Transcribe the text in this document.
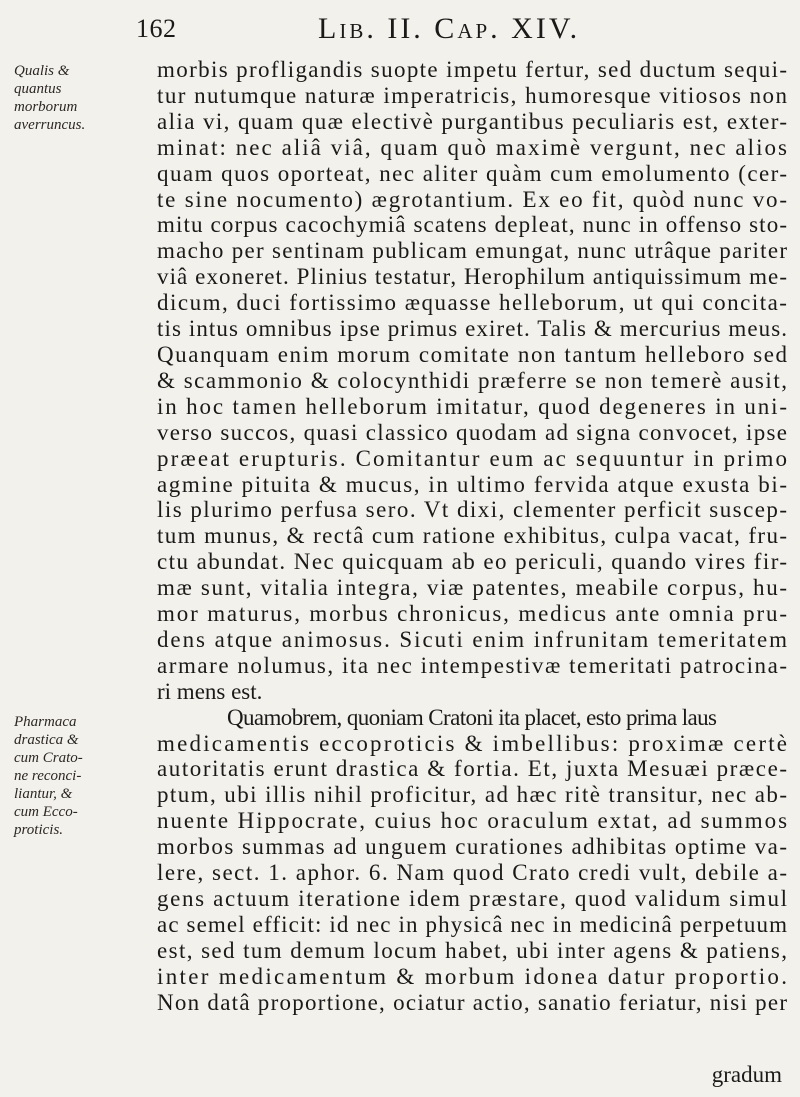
162	Lib. II. Cap. XIV.
Qualis &
quantus
morborum
averruncus.
Pharmaca
drastica &
cum Crato-
ne reconci-
liantur, &
cum Ecco-
proticis.
morbis profligandis suopte impetu fertur, sed ductum sequi-
tur nutumque naturæ imperatricis, humoresque vitiosos non
alia vi, quam quæ electivè purgantibus peculiaris est, exter-
minat: nec aliâ viâ, quam quò maximè vergunt, nec alios
quam quos oporteat, nec aliter quàm cum emolumento (cer-
te sine nocumento) ægrotantium. Ex eo fit, quòd nunc vo-
mitu corpus cacochymiâ scatens depleat, nunc in offenso sto-
macho per sentinam publicam emungat, nunc utrâque pariter
viâ exoneret. Plinius testatur, Herophilum antiquissimum me-
dicum, duci fortissimo æquasse helleborum, ut qui concita-
tis intus omnibus ipse primus exiret. Talis & mercurius meus.
Quanquam enim morum comitate non tantum helleboro sed
& scammonio & colocynthidi præferre se non temerè ausit,
in hoc tamen helleborum imitatur, quod degeneres in uni-
verso succos, quasi classico quodam ad signa convocet, ipse
præeat erupturis. Comitantur eum ac sequuntur in primo
agmine pituita & mucus, in ultimo fervida atque exusta bi-
lis plurimo perfusa sero. Vt dixi, clementer perficit suscep-
tum munus, & rectâ cum ratione exhibitus, culpa vacat, fru-
ctu abundat. Nec quicquam ab eo periculi, quando vires fir-
mæ sunt, vitalia integra, viæ patentes, meabile corpus, hu-
mor maturus, morbus chronicus, medicus ante omnia pru-
dens atque animosus. Sicuti enim infrunitam temeritatem
armare nolumus, ita nec intempestivæ temeritati patrocina-
ri mens est.
Quamobrem, quoniam Cratoni ita placet, esto prima laus
medicamentis eccoproticis & imbellibus: proximæ certè
autoritatis erunt drastica & fortia. Et, juxta Mesuæi præce-
ptum, ubi illis nihil proficitur, ad hæc ritè transitur, nec ab-
nuente Hippocrate, cuius hoc oraculum extat, ad summos
morbos summas ad unguem curationes adhibitas optime va-
lere, sect. 1. aphor. 6. Nam quod Crato credi vult, debile a-
gens actuum iteratione idem præstare, quod validum simul
ac semel efficit: id nec in physicâ nec in medicinâ perpetuum
est, sed tum demum locum habet, ubi inter agens & patiens,
inter medicamentum & morbum idonea datur proportio.
Non datâ proportione, ociatur actio, sanatio feriatur, nisi per
gradum
